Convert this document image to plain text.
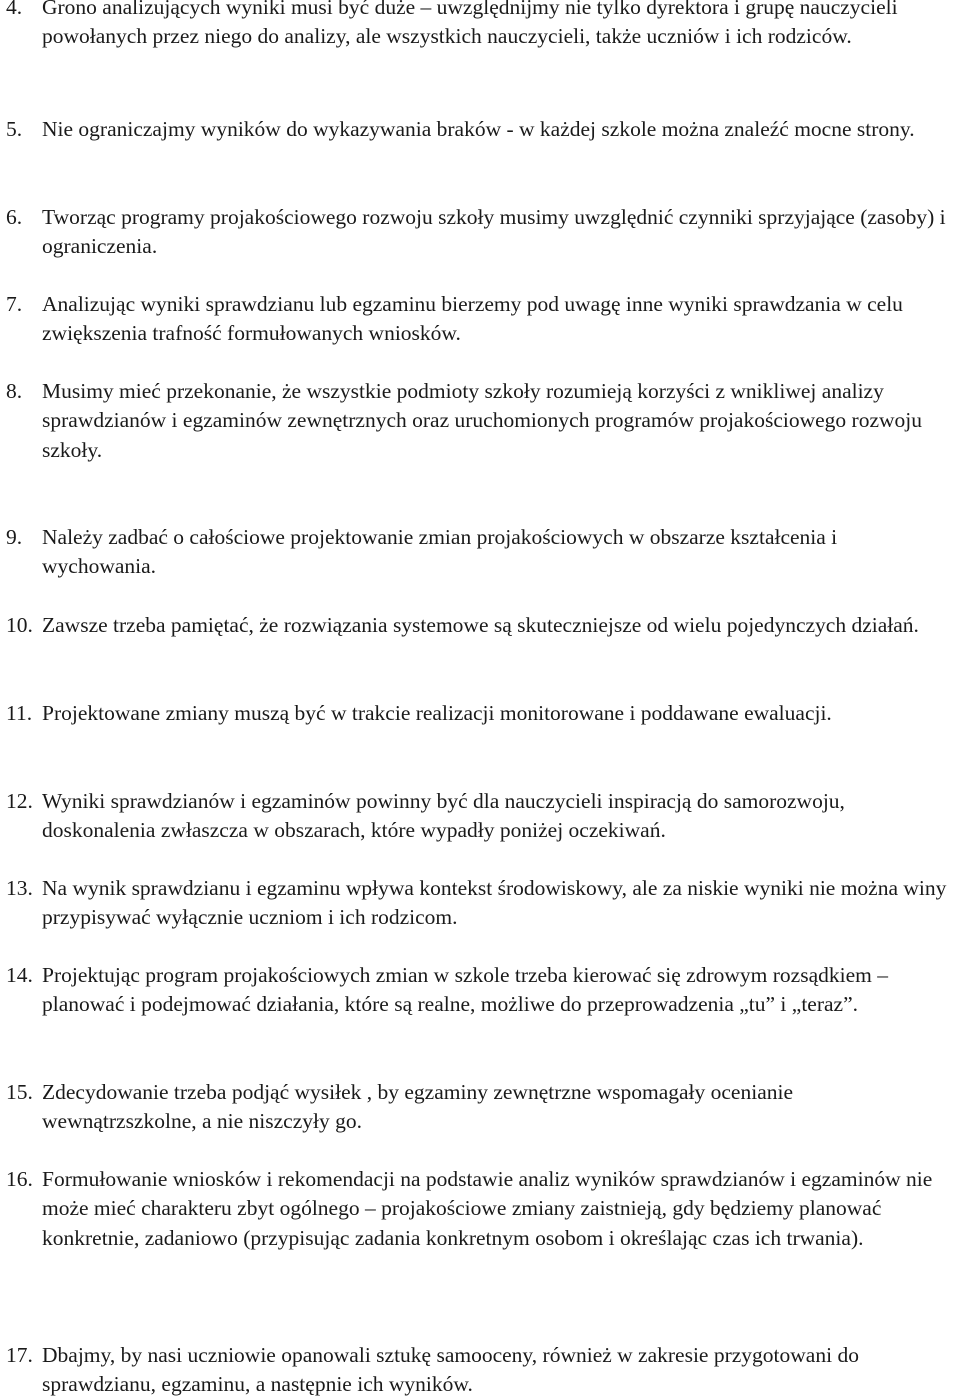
4. Grono analizujących wyniki musi być duże – uwzględnijmy nie tylko dyrektora i grupę nauczycieli powołanych przez niego do analizy, ale wszystkich nauczycieli, także uczniów i ich rodziców.
5. Nie ograniczajmy wyników do wykazywania braków - w każdej szkole można znaleźć mocne strony.
6. Tworząc programy projakościowego rozwoju szkoły musimy uwzględnić czynniki sprzyjające (zasoby) i ograniczenia.
7. Analizując wyniki sprawdzianu lub egzaminu bierzemy pod uwagę inne wyniki sprawdzania w celu zwiększenia trafność formułowanych wniosków.
8. Musimy mieć przekonanie, że wszystkie podmioty szkoły rozumieją korzyści z wnikliwej analizy sprawdzianów i egzaminów zewnętrznych oraz uruchomionych programów projakościowego rozwoju szkoły.
9. Należy zadbać o całościowe projektowanie zmian projakościowych w obszarze kształcenia i wychowania.
10. Zawsze trzeba pamiętać, że rozwiązania systemowe są skuteczniejsze od wielu pojedynczych działań.
11. Projektowane zmiany muszą być w trakcie realizacji monitorowane i poddawane ewaluacji.
12. Wyniki sprawdzianów i egzaminów powinny być dla nauczycieli inspiracją do samorozwoju, doskonalenia zwłaszcza w obszarach, które wypadły poniżej oczekiwań.
13. Na wynik sprawdzianu i egzaminu wpływa kontekst środowiskowy, ale za niskie wyniki nie można winy przypisywać wyłącznie uczniom i ich rodzicom.
14. Projektując program projakościowych zmian w szkole trzeba kierować się zdrowym rozsądkiem – planować i podejmować działania, które są realne, możliwe do przeprowadzenia „tu” i „teraz”.
15. Zdecydowanie trzeba podjąć wysiłek , by egzaminy zewnętrzne wspomagały ocenianie wewnątrzszkolne, a nie niszczyły go.
16. Formułowanie wniosków i rekomendacji na podstawie analiz wyników sprawdzianów i egzaminów nie może mieć charakteru zbyt ogólnego – projakościowe zmiany zaistnieją, gdy będziemy planować konkretnie, zadaniowo (przypisując zadania konkretnym osobom i określając czas ich trwania).
17. Dbajmy, by nasi uczniowie opanowali sztukę samooceny, również w zakresie przygotowani do sprawdzianu, egzaminu, a następnie ich wyników.
